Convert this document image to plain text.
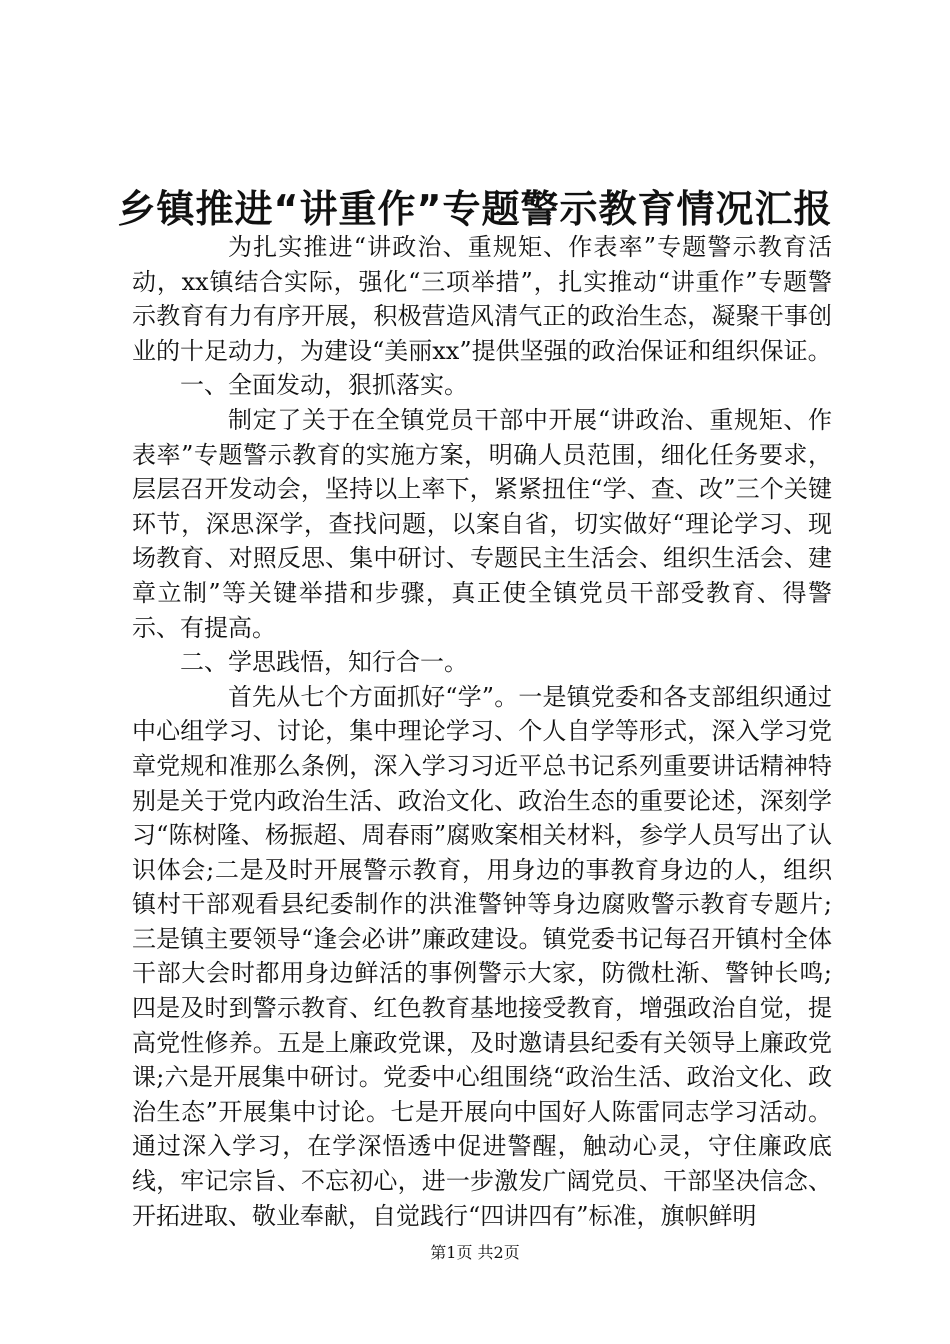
乡镇推进“讲重作”专题警示教育情况汇报

为扎实推进“讲政治、重规矩、作表率”专题警示教育活动，xx镇结合实际，强化“三项举措”，扎实推动“讲重作”专题警示教育有力有序开展，积极营造风清气正的政治生态，凝聚干事创业的十足动力，为建设“美丽xx”提供坚强的政治保证和组织保证。

一、全面发动，狠抓落实。

制定了关于在全镇党员干部中开展“讲政治、重规矩、作表率”专题警示教育的实施方案，明确人员范围，细化任务要求，层层召开发动会，坚持以上率下，紧紧扭住“学、查、改”三个关键环节，深思深学，查找问题，以案自省，切实做好“理论学习、现场教育、对照反思、集中研讨、专题民主生活会、组织生活会、建章立制”等关键举措和步骤，真正使全镇党员干部受教育、得警示、有提高。

二、学思践悟，知行合一。

首先从七个方面抓好“学”。一是镇党委和各支部组织通过中心组学习、讨论，集中理论学习、个人自学等形式，深入学习党章党规和准那么条例，深入学习习近平总书记系列重要讲话精神特别是关于党内政治生活、政治文化、政治生态的重要论述，深刻学习“陈树隆、杨振超、周春雨”腐败案相关材料，参学人员写出了认识体会;二是及时开展警示教育，用身边的事教育身边的人，组织镇村干部观看县纪委制作的洪淮警钟等身边腐败警示教育专题片;三是镇主要领导“逢会必讲”廉政建设。镇党委书记每召开镇村全体干部大会时都用身边鲜活的事例警示大家，防微杜渐、警钟长鸣;四是及时到警示教育、红色教育基地接受教育，增强政治自觉，提高党性修养。五是上廉政党课，及时邀请县纪委有关领导上廉政党课;六是开展集中研讨。党委中心组围绕“政治生活、政治文化、政治生态”开展集中讨论。七是开展向中国好人陈雷同志学习活动。通过深入学习，在学深悟透中促进警醒，触动心灵，守住廉政底线，牢记宗旨、不忘初心，进一步激发广阔党员、干部坚决信念、开拓进取、敬业奉献，自觉践行“四讲四有”标准，旗帜鲜明

第1页 共2页
